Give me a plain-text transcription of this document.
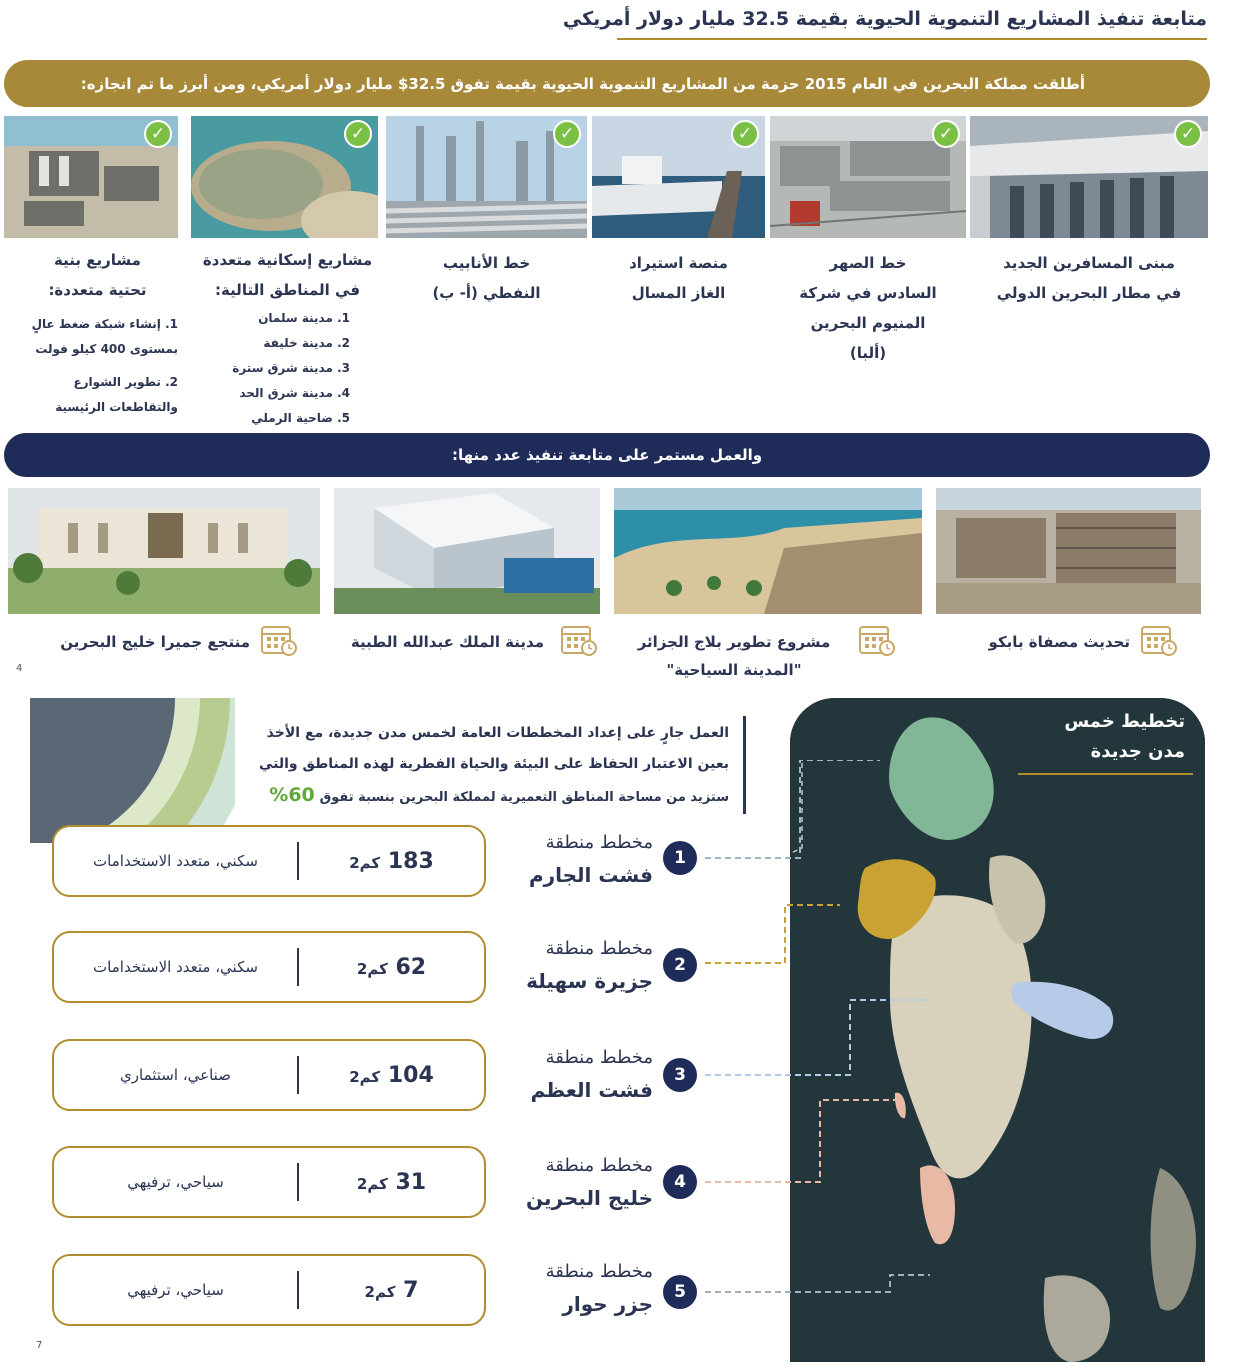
متابعة تنفيذ المشاريع التنموية الحيوية بقيمة 32.5 مليار دولار أمريكي
أطلقت مملكة البحرين في العام 2015 حزمة من المشاريع التنموية الحيوية بقيمة تفوق 32.5$ مليار دولار أمريكي، ومن أبرز ما تم انجازه:
✓
✓
✓
✓
✓
✓
مبنى المسافرين الجديد
في مطار البحرين الدولي
خط الصهر
السادس في شركة
المنيوم البحرين
(ألبا)
منصة استيراد
الغاز المسال
خط الأنابيب
النفطي (أ- ب)
مشاريع إسكانية متعددة
في المناطق التالية:
1. مدينة سلمان
2. مدينة خليفة
3. مدينة شرق سترة
4. مدينة شرق الحد
5. ضاحية الرملي
مشاريع بنية
تحتية متعددة:
1. إنشاء شبكة ضغط عالٍ
بمستوى 400 كيلو فولت
2. تطوير الشوارع
والتقاطعات الرئيسية
والعمل مستمر على متابعة تنفيذ عدد منها:
تحديث مصفاة بابكو
مشروع تطوير بلاج الجزائر
"المدينة السياحية"
مدينة الملك عبدالله الطبية
منتجع جميرا خليج البحرين
4
العمل جارٍ على إعداد المخططات العامة لخمس مدن جديدة، مع الأخذ
بعين الاعتبار الحفاظ على البيئة والحياة الفطرية لهذه المناطق والتي
ستزيد من مساحة المناطق التعميرية لمملكة البحرين بنسبة تفوق 60%
تخطيط خمس
مدن جديدة
1
مخطط منطقة
فشت الجارم
183 كم2
سكني، متعدد الاستخدامات
2
مخطط منطقة
جزيرة سهيلة
62 كم2
سكني، متعدد الاستخدامات
3
مخطط منطقة
فشت العظم
104 كم2
صناعي، استثماري
4
مخطط منطقة
خليج البحرين
31 كم2
سياحي، ترفيهي
5
مخطط منطقة
جزر حوار
7 كم2
سياحي، ترفيهي
7
